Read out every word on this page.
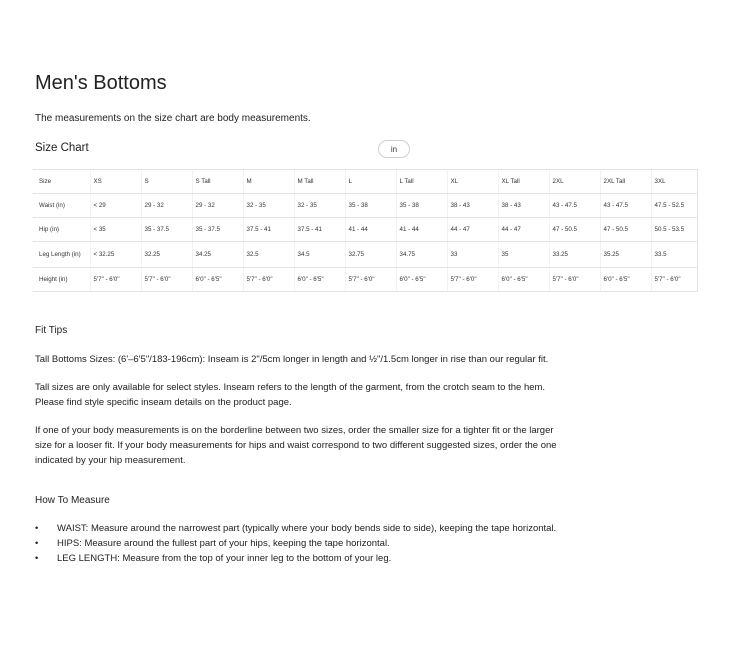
Men's Bottoms
The measurements on the size chart are body measurements.
Size Chart	in
Size	XS	S	S Tall	M	M Tall	L	L Tall	XL	XL Tall	2XL	2XL Tall	3XL
Waist (in)	< 29	29 - 32	29 - 32	32 - 35	32 - 35	35 - 38	35 - 38	38 - 43	38 - 43	43 - 47.5	43 - 47.5	47.5 - 52.5
Hip (in)	< 35	35 - 37.5	35 - 37.5	37.5 - 41	37.5 - 41	41 - 44	41 - 44	44 - 47	44 - 47	47 - 50.5	47 - 50.5	50.5 - 53.5
Leg Length (in)	< 32.25	32.25	34.25	32.5	34.5	32.75	34.75	33	35	33.25	35.25	33.5
Height (in)	5'7" - 6'0"	5'7" - 6'0"	6'0" - 6'5"	5'7" - 6'0"	6'0" - 6'5"	5'7" - 6'0"	6'0" - 6'5"	5'7" - 6'0"	6'0" - 6'5"	5'7" - 6'0"	6'0" - 6'5"	5'7" - 6'0"
Fit Tips
Tall Bottoms Sizes: (6'–6'5"/183-196cm): Inseam is 2"/5cm longer in length and ½"/1.5cm longer in rise than our regular fit.
Tall sizes are only available for select styles. Inseam refers to the length of the garment, from the crotch seam to the hem. Please find style specific inseam details on the product page.
If one of your body measurements is on the borderline between two sizes, order the smaller size for a tighter fit or the larger size for a looser fit. If your body measurements for hips and waist correspond to two different suggested sizes, order the one indicated by your hip measurement.
How To Measure
• WAIST: Measure around the narrowest part (typically where your body bends side to side), keeping the tape horizontal.
• HIPS: Measure around the fullest part of your hips, keeping the tape horizontal.
• LEG LENGTH: Measure from the top of your inner leg to the bottom of your leg.
